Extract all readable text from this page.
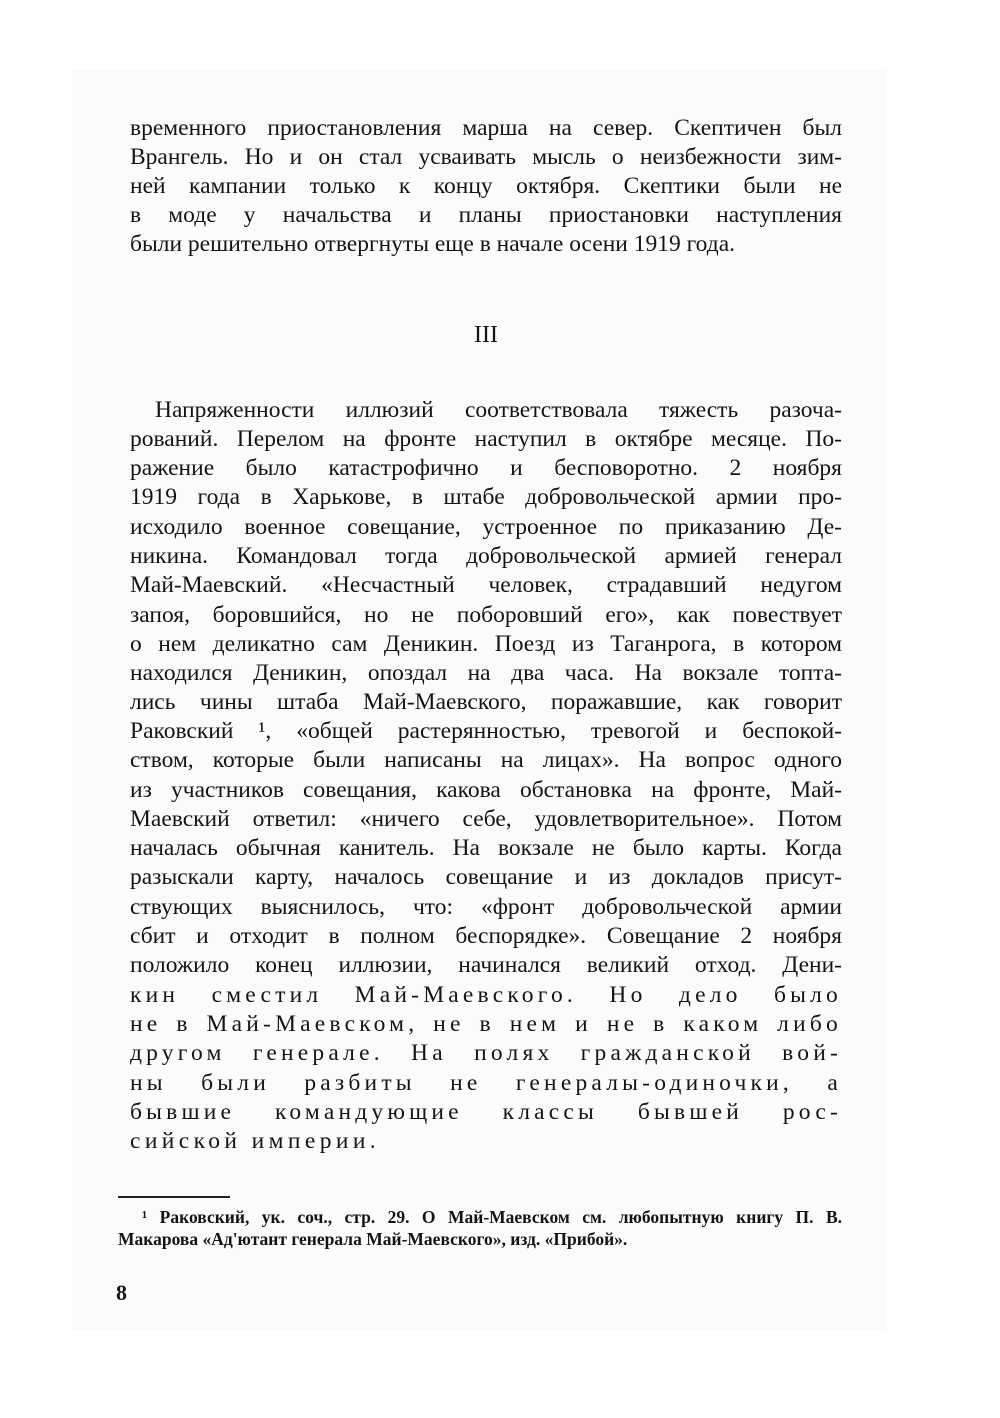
временного приостановления марша на север. Скептичен был
Врангель. Но и он стал усваивать мысль о неизбежности зим-
ней кампании только к концу октября. Скептики были не
в моде у начальства и планы приостановки наступления
были решительно отвергнуты еще в начале осени 1919 года.
III
Напряженности иллюзий соответствовала тяжесть разоча-
рований. Перелом на фронте наступил в октябре месяце. По-
ражение было катастрофично и бесповоротно. 2 ноября
1919 года в Харькове, в штабе добровольческой армии про-
исходило военное совещание, устроенное по приказанию Де-
никина. Командовал тогда добровольческой армией генерал
Май-Маевский. «Несчастный человек, страдавший недугом
запоя, боровшийся, но не поборовший его», как повествует
о нем деликатно сам Деникин. Поезд из Таганрога, в котором
находился Деникин, опоздал на два часа. На вокзале топта-
лись чины штаба Май-Маевского, поражавшие, как говорит
Раковский ¹, «общей растерянностью, тревогой и беспокой-
ством, которые были написаны на лицах». На вопрос одного
из участников совещания, какова обстановка на фронте, Май-
Маевский ответил: «ничего себе, удовлетворительное». Потом
началась обычная канитель. На вокзале не было карты. Когда
разыскали карту, началось совещание и из докладов присут-
ствующих выяснилось, что: «фронт добровольческой армии
сбит и отходит в полном беспорядке». Совещание 2 ноября
положило конец иллюзии, начинался великий отход. Дени-
кин сместил Май-Маевского. Но дело было
не в Май-Маевском, не в нем и не в каком либо
другом генерале. На полях гражданской вой-
ны были разбиты не генералы-одиночки, а
бывшие командующие классы бывшей рос-
сийской империи.
¹ Раковский, ук. соч., стр. 29. О Май-Маевском см. любопытную книгу П. В.
Макарова «Ад'ютант генерала Май-Маевского», изд. «Прибой».
8
